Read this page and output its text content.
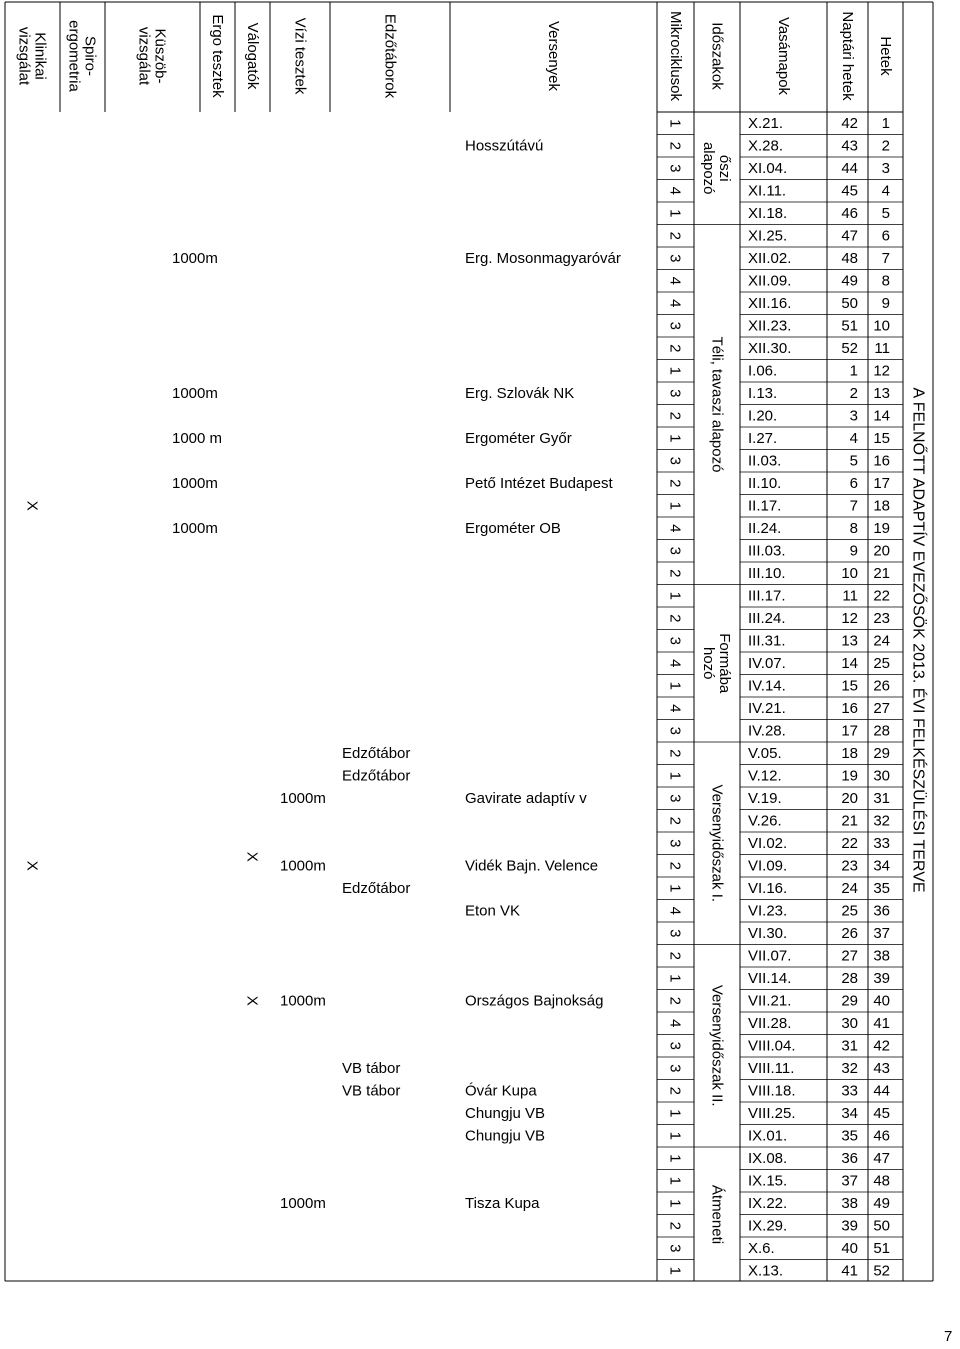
A FELNŐTT ADAPTÍV EVEZŐSÖK 2013. ÉVI FELKÉSZÜLÉSI TERVE
Hetek
Naptári hetek
Vasámapok
Időszakok
Mikrociklusok
Versenyek
Edzőtáborok
Vízi tesztek
Válogatók
Ergo tesztek
Küszöb-vizsgálat
Spiro-ergometria
Klinikaivizsgálat
1
2
3
4
5
6
7
8
9
10
11
12
13
14
15
16
17
18
19
20
21
22
23
24
25
26
27
28
29
30
31
32
33
34
35
36
37
38
39
40
41
42
43
44
45
46
47
48
49
50
51
52
42
43
44
45
46
47
48
49
50
51
52
1
2
3
4
5
6
7
8
9
10
11
12
13
14
15
16
17
18
19
20
21
22
23
24
25
26
27
28
29
30
31
32
33
34
35
36
37
38
39
40
41
X.21.
X.28.
XI.04.
XI.11.
XI.18.
XI.25.
XII.02.
XII.09.
XII.16.
XII.23.
XII.30.
I.06.
I.13.
I.20.
I.27.
II.03.
II.10.
II.17.
II.24.
III.03.
III.10.
III.17.
III.24.
III.31.
IV.07.
IV.14.
IV.21.
IV.28.
V.05.
V.12.
V.19.
V.26.
VI.02.
VI.09.
VI.16.
VI.23.
VI.30.
VII.07.
VII.14.
VII.21.
VII.28.
VIII.04.
VIII.11.
VIII.18.
VIII.25.
IX.01.
IX.08.
IX.15.
IX.22.
IX.29.
X.6.
X.13.
őszialapozó
Téli, tavaszi alapozó
Formábahozó
Versenyidőszak I.
Versenyidőszak II.
Átmeneti
1
2
3
4
1
2
3
4
4
3
2
1
3
2
1
3
2
1
4
3
2
1
2
3
4
1
4
3
2
1
3
2
3
2
1
4
3
2
1
2
4
3
3
2
1
1
1
1
1
2
3
1
Hosszútávú
Erg. Mosonmagyaróvár
Erg. Szlovák NK
Ergométer Győr
Pető Intézet Budapest
Ergométer OB
Gavirate adaptív v
Vidék Bajn. Velence
Eton VK
Országos Bajnokság
Óvár Kupa
Chungju VB
Chungju VB
Tisza Kupa
Edzőtábor
Edzőtábor
Edzőtábor
VB tábor
VB tábor
1000m
1000m
1000m
1000m
X
X
1000m
1000m
1000 m
1000m
1000m
X
X
7
